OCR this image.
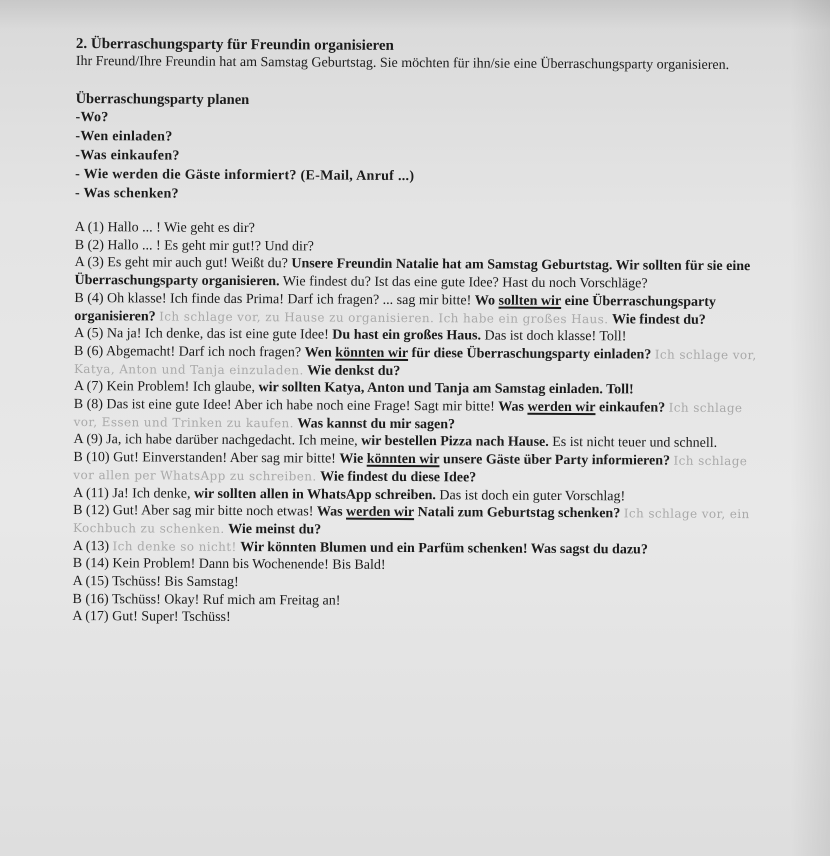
2. Überraschungsparty für Freundin organisieren

Ihr Freund/Ihre Freundin hat am Samstag Geburtstag. Sie möchten für ihn/sie eine Überraschungsparty organisieren.

Überraschungsparty planen

-Wo?
-Wen einladen?
-Was einkaufen?
- Wie werden die Gäste informiert? (E-Mail, Anruf ...)
- Was schenken?

A (1) Hallo ... ! Wie geht es dir?

B (2) Hallo ... ! Es geht mir gut!? Und dir?

A (3) Es geht mir auch gut! Weißt du? Unsere Freundin Natalie hat am Samstag Geburtstag. Wir sollten für sie eine Überraschungsparty organisieren. Wie findest du? Ist das eine gute Idee? Hast du noch Vorschläge?

B (4) Oh klasse! Ich finde das Prima! Darf ich fragen? ... sag mir bitte! Wo sollten wir eine Überraschungsparty organisieren? Ich schlage vor, zu Hause zu organisieren. Ich habe ein großes Haus. Wie findest du?

A (5) Na ja! Ich denke, das ist eine gute Idee! Du hast ein großes Haus. Das ist doch klasse! Toll!

B (6) Abgemacht! Darf ich noch fragen? Wen könnten wir für diese Überraschungsparty einladen? Ich schlage vor, Katya, Anton und Tanja einzuladen. Wie denkst du?

A (7) Kein Problem! Ich glaube, wir sollten Katya, Anton und Tanja am Samstag einladen. Toll!

B (8) Das ist eine gute Idee! Aber ich habe noch eine Frage! Sagt mir bitte! Was werden wir einkaufen? Ich schlage vor, Essen und Trinken zu kaufen. Was kannst du mir sagen?

A (9) Ja, ich habe darüber nachgedacht. Ich meine, wir bestellen Pizza nach Hause. Es ist nicht teuer und schnell.

B (10) Gut! Einverstanden! Aber sag mir bitte! Wie könnten wir unsere Gäste über Party informieren? Ich schlage vor allen per WhatsApp zu schreiben. Wie findest du diese Idee?

A (11) Ja! Ich denke, wir sollten allen in WhatsApp schreiben. Das ist doch ein guter Vorschlag!

B (12) Gut! Aber sag mir bitte noch etwas! Was werden wir Natali zum Geburtstag schenken? Ich schlage vor, ein Kochbuch zu schenken. Wie meinst du?

A (13) Ich denke so nicht! Wir könnten Blumen und ein Parfüm schenken! Was sagst du dazu?

B (14) Kein Problem! Dann bis Wochenende! Bis Bald!

A (15) Tschüss! Bis Samstag!

B (16) Tschüss! Okay! Ruf mich am Freitag an!

A (17) Gut! Super! Tschüss!
